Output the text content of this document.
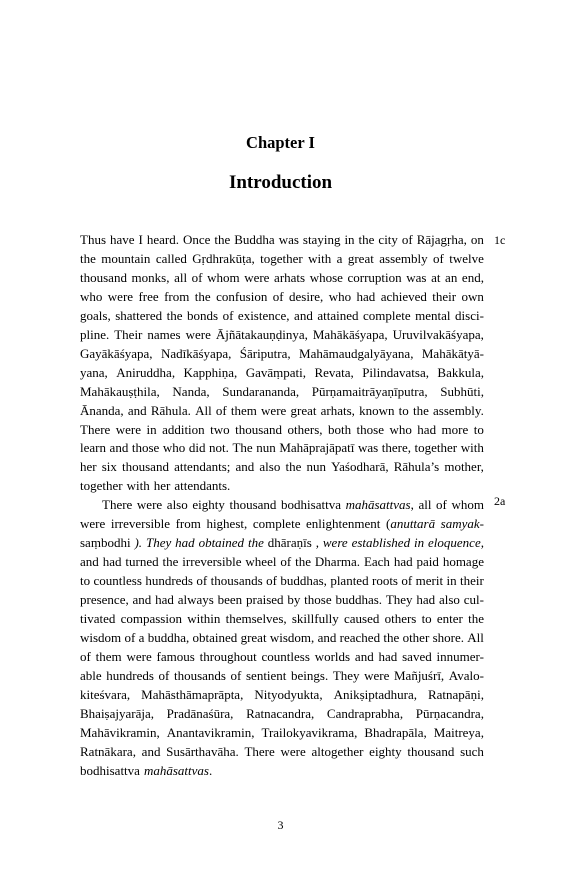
Chapter I
Introduction
Thus have I heard. Once the Buddha was staying in the city of Rājagṛha, on
the mountain called Gṛdhrakūṭa, together with a great assembly of twelve
thousand monks, all of whom were arhats whose corruption was at an end,
who were free from the confusion of desire, who had achieved their own
goals, shattered the bonds of existence, and attained complete mental disci-
pline. Their names were Ājñātakauṇḍinya, Mahākāśyapa, Uruvilvakāśyapa,
Gayākāśyapa, Nadīkāśyapa, Śāriputra, Mahāmaudgalyāyana, Mahākātyā-
yana, Aniruddha, Kapphiṇa, Gavāṃpati, Revata, Pilindavatsa, Bakkula,
Mahākauṣṭhila, Nanda, Sundarananda, Pūrṇamaitrāyaṇīputra, Subhūti,
Ānanda, and Rāhula. All of them were great arhats, known to the assembly.
There were in addition two thousand others, both those who had more to
learn and those who did not. The nun Mahāprajāpatī was there, together with
her six thousand attendants; and also the nun Yaśodharā, Rāhula’s mother,
together with her attendants.
There were also eighty thousand bodhisattva mahāsattvas, all of whom
were irreversible from highest, complete enlightenment (anuttarā samyak-
saṃbodhi ). They had obtained the dhāraṇīs , were established in eloquence,
and had turned the irreversible wheel of the Dharma. Each had paid homage
to countless hundreds of thousands of buddhas, planted roots of merit in their
presence, and had always been praised by those buddhas. They had also cul-
tivated compassion within themselves, skillfully caused others to enter the
wisdom of a buddha, obtained great wisdom, and reached the other shore. All
of them were famous throughout countless worlds and had saved innumer-
able hundreds of thousands of sentient beings. They were Mañjuśrī, Avalo-
kiteśvara, Mahāsthāmaprāpta, Nityodyukta, Anikṣiptadhura, Ratnapāṇi,
Bhaiṣajyarāja, Pradānaśūra, Ratnacandra, Candraprabha, Pūrṇacandra,
Mahāvikramin, Anantavikramin, Trailokyavikrama, Bhadrapāla, Maitreya,
Ratnākara, and Susārthavāha. There were altogether eighty thousand such
bodhisattva mahāsattvas.
1c
2a
3
